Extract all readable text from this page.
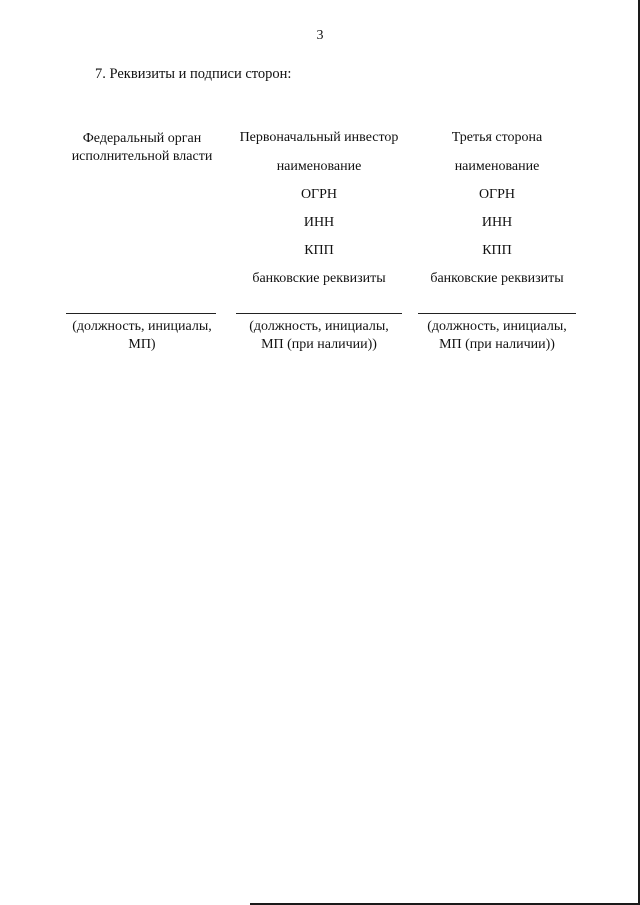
3
7. Реквизиты и подписи сторон:
Федеральный орган
исполнительной власти
Первоначальный инвестор
наименование
ОГРН
ИНН
КПП
банковские реквизиты
Третья сторона
наименование
ОГРН
ИНН
КПП
банковские реквизиты
(должность, инициалы,
МП)
(должность, инициалы,
МП (при наличии))
(должность, инициалы,
МП (при наличии))
